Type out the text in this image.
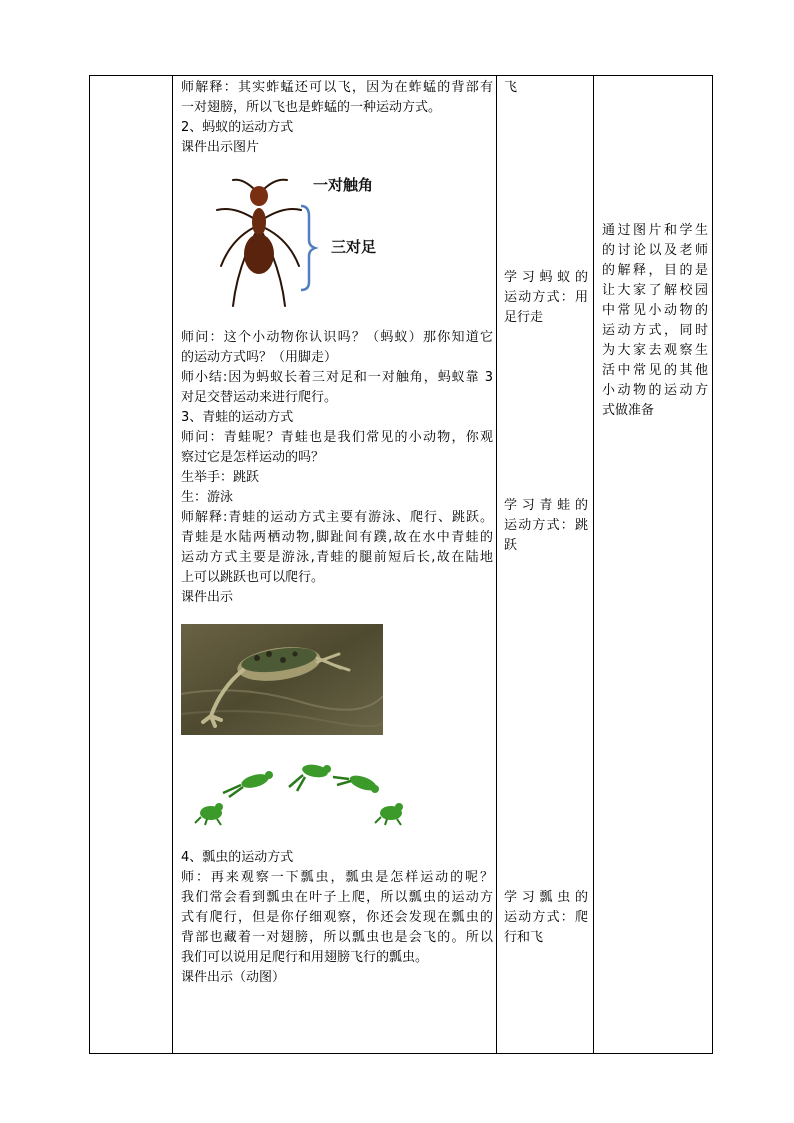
师解释：其实蚱蜢还可以飞，因为在蚱蜢的背部有
一对翅膀，所以飞也是蚱蜢的一种运动方式。
2、蚂蚁的运动方式
课件出示图片
一对触角
三对足
师问：这个小动物你认识吗？（蚂蚁）那你知道它
的运动方式吗？（用脚走）
师小结:因为蚂蚁长着三对足和一对触角，蚂蚁靠 3
对足交替运动来进行爬行。
3、青蛙的运动方式
师问：青蛙呢？青蛙也是我们常见的小动物，你观
察过它是怎样运动的吗？
生举手：跳跃
生：游泳
师解释:青蛙的运动方式主要有游泳、爬行、跳跃。
青蛙是水陆两栖动物,脚趾间有蹼,故在水中青蛙的
运动方式主要是游泳,青蛙的腿前短后长,故在陆地
上可以跳跃也可以爬行。
课件出示
4、瓢虫的运动方式
师：再来观察一下瓢虫，瓢虫是怎样运动的呢？
我们常会看到瓢虫在叶子上爬，所以瓢虫的运动方
式有爬行，但是你仔细观察，你还会发现在瓢虫的
背部也藏着一对翅膀，所以瓢虫也是会飞的。所以
我们可以说用足爬行和用翅膀飞行的瓢虫。
课件出示（动图）

飞
学习蚂蚁的
运动方式：用
足行走
学习青蛙的
运动方式：跳
跃
学习瓢虫的
运动方式：爬
行和飞

通过图片和学生
的讨论以及老师
的解释，目的是
让大家了解校园
中常见小动物的
运动方式，同时
为大家去观察生
活中常见的其他
小动物的运动方
式做准备
